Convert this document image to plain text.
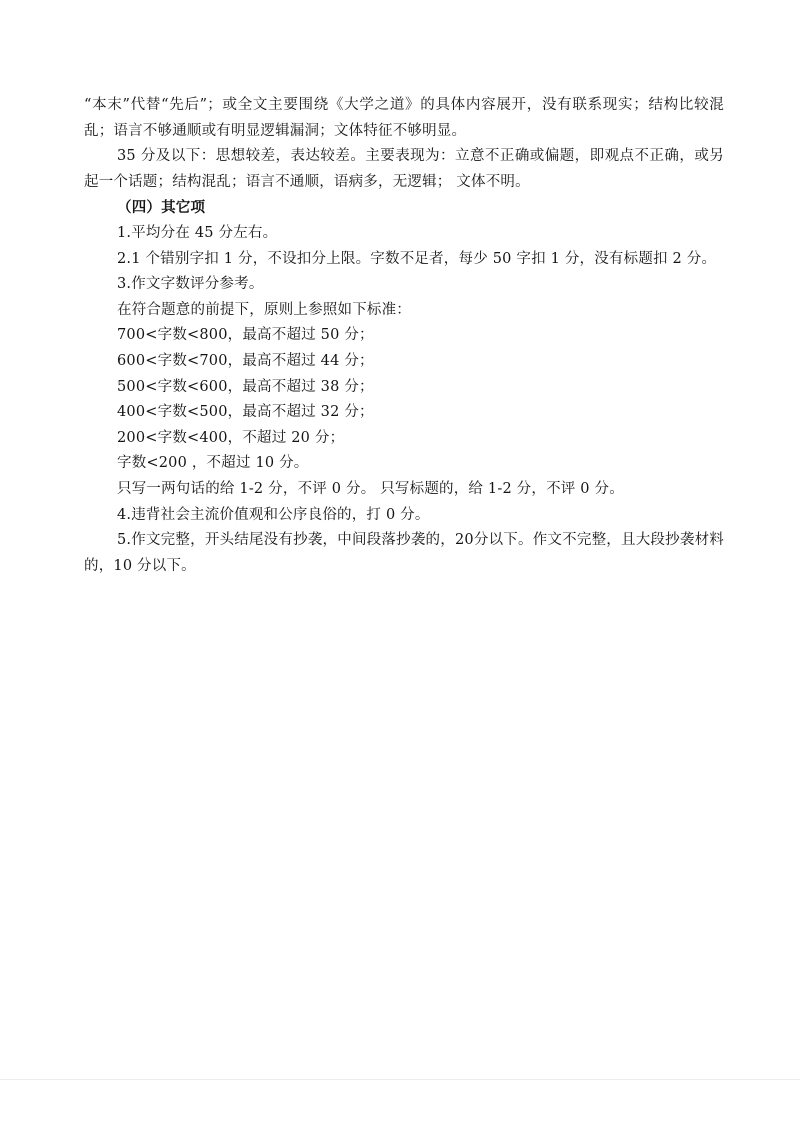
“本末”代替“先后”；或全文主要围绕《大学之道》的具体内容展开，没有联系现实；结构比较混乱；语言不够通顺或有明显逻辑漏洞；文体特征不够明显。

35 分及以下：思想较差，表达较差。主要表现为：立意不正确或偏题，即观点不正确，或另起一个话题；结构混乱；语言不通顺，语病多，无逻辑； 文体不明。

（四）其它项

1.平均分在 45 分左右。

2.1 个错别字扣 1 分，不设扣分上限。字数不足者，每少 50 字扣 1 分，没有标题扣 2 分。

3.作文字数评分参考。

在符合题意的前提下，原则上参照如下标准：

700<字数<800，最高不超过 50 分；

600<字数<700，最高不超过 44 分；

500<字数<600，最高不超过 38 分；

400<字数<500，最高不超过 32 分；

200<字数<400，不超过 20 分；

字数<200 ，不超过 10 分。

只写一两句话的给 1-2 分，不评 0 分。 只写标题的，给 1-2 分，不评 0 分。

4.违背社会主流价值观和公序良俗的，打 0 分。

5.作文完整，开头结尾没有抄袭，中间段落抄袭的，20分以下。作文不完整，且大段抄袭材料的，10 分以下。
